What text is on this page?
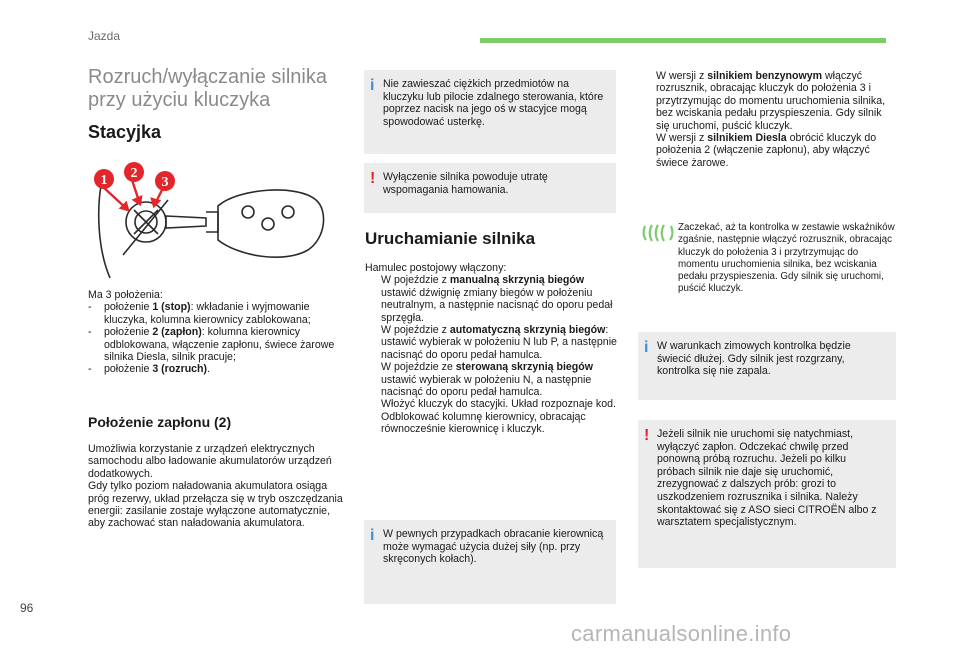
Jazda
Rozruch/wyłączanie silnika przy użyciu kluczyka
Stacyjka
1 2
3

Ma 3 położenia:

- położenie 1 (stop): wkładanie i wyjmowanie kluczyka, kolumna kierownicy zablokowana;
- położenie 2 (zapłon): kolumna kierownicy odblokowana, włączenie zapłonu, świece żarowe silnika Diesla, silnik pracuje;
- położenie 3 (rozruch).
Położenie zapłonu (2)

Umożliwia korzystanie z urządzeń elektrycznych samochodu albo ładowanie akumulatorów urządzeń dodatkowych.

Gdy tylko poziom naładowania akumulatora osiąga próg rezerwy, układ przełącza się w tryb oszczędzania energii: zasilanie zostaje wyłączone automatycznie, aby zachować stan naładowania akumulatora.

i Nie zawieszać ciężkich przedmiotów na kluczyku lub pilocie zdalnego sterowania, które poprzez nacisk na jego oś w stacyjce mogą spowodować usterkę.
! Wyłączenie silnika powoduje utratę wspomagania hamowania.
Uruchamianie silnika

Hamulec postojowy włączony:

W pojeździe z manualną skrzynią biegów ustawić dźwignię zmiany biegów w położeniu neutralnym, a następnie nacisnąć do oporu pedał sprzęgła.
W pojeździe z automatyczną skrzynią biegów: ustawić wybierak w położeniu N lub P, a następnie nacisnąć do oporu pedał hamulca.
W pojeździe ze sterowaną skrzynią biegów ustawić wybierak w położeniu N, a następnie nacisnąć do oporu pedał hamulca.
Włożyć kluczyk do stacyjki. Układ rozpoznaje kod.
Odblokować kolumnę kierownicy, obracając równocześnie kierownicę i kluczyk.
i W pewnych przypadkach obracanie kierownicą może wymagać użycia dużej siły (np. przy skręconych kołach).
W wersji z silnikiem benzynowym włączyć rozrusznik, obracając kluczyk do położenia 3 i przytrzymując do momentu uruchomienia silnika, bez wciskania pedału przyspieszenia. Gdy silnik się uruchomi, puścić kluczyk.
W wersji z silnikiem Diesla obrócić kluczyk do położenia 2 (włączenie zapłonu), aby włączyć świece żarowe.
Zaczekać, aż ta kontrolka w zestawie wskaźników zgaśnie, następnie włączyć rozrusznik, obracając kluczyk do położenia 3 i przytrzymując do momentu uruchomienia silnika, bez wciskania pedału przyspieszenia. Gdy silnik się uruchomi, puścić kluczyk.
i W warunkach zimowych kontrolka będzie świecić dłużej. Gdy silnik jest rozgrzany, kontrolka się nie zapala.
! Jeżeli silnik nie uruchomi się natychmiast, wyłączyć zapłon. Odczekać chwilę przed ponowną próbą rozruchu. Jeżeli po kilku próbach silnik nie daje się uruchomić, zrezygnować z dalszych prób: grozi to uszkodzeniem rozrusznika i silnika. Należy skontaktować się z ASO sieci CITROËN albo z warsztatem specjalistycznym.
96
carmanualsonline.info
